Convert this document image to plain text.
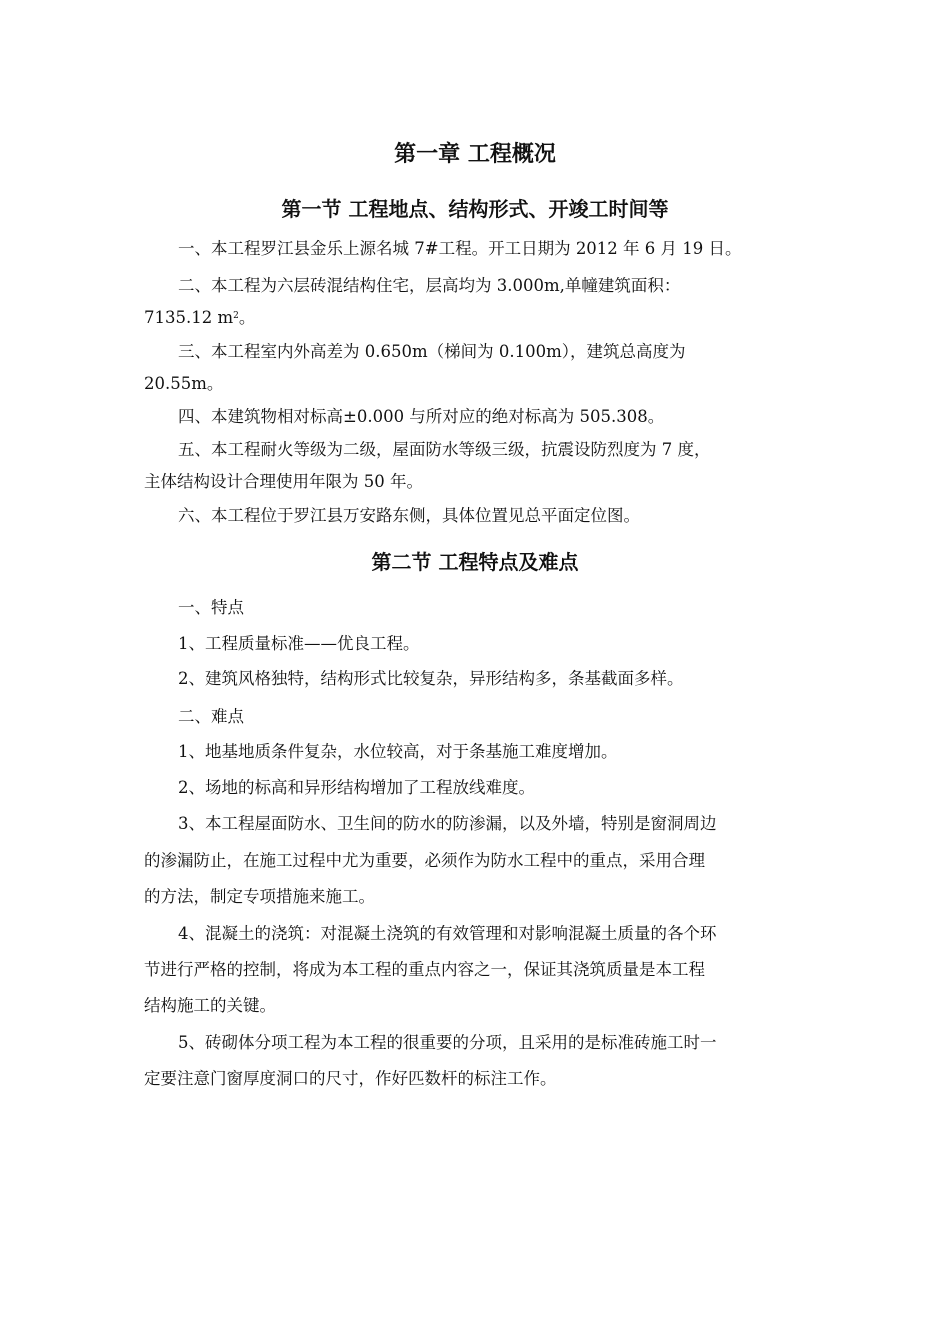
第一章 工程概况
第一节 工程地点、结构形式、开竣工时间等
一、本工程罗江县金乐上源名城 7#工程。开工日期为 2012 年 6 月 19 日。
二、本工程为六层砖混结构住宅，层高均为 3.000m,单幢建筑面积：
7135.12 $m^2$。
三、本工程室内外高差为 0.650m（梯间为 0.100m），建筑总高度为
20.55m。
四、本建筑物相对标高±0.000 与所对应的绝对标高为 505.308。
五、本工程耐火等级为二级，屋面防水等级三级，抗震设防烈度为 7 度，
主体结构设计合理使用年限为 50 年。
六、本工程位于罗江县万安路东侧，具体位置见总平面定位图。
第二节 工程特点及难点
一、特点
1、工程质量标准——优良工程。
2、建筑风格独特，结构形式比较复杂，异形结构多，条基截面多样。
二、难点
1、地基地质条件复杂，水位较高，对于条基施工难度增加。
2、场地的标高和异形结构增加了工程放线难度。
3、本工程屋面防水、卫生间的防水的防渗漏，以及外墙，特别是窗洞周边
的渗漏防止，在施工过程中尤为重要，必须作为防水工程中的重点，采用合理
的方法，制定专项措施来施工。
4、混凝土的浇筑：对混凝土浇筑的有效管理和对影响混凝土质量的各个环
节进行严格的控制，将成为本工程的重点内容之一，保证其浇筑质量是本工程
结构施工的关键。
5、砖砌体分项工程为本工程的很重要的分项，且采用的是标准砖施工时一
定要注意门窗厚度洞口的尺寸，作好匹数杆的标注工作。
